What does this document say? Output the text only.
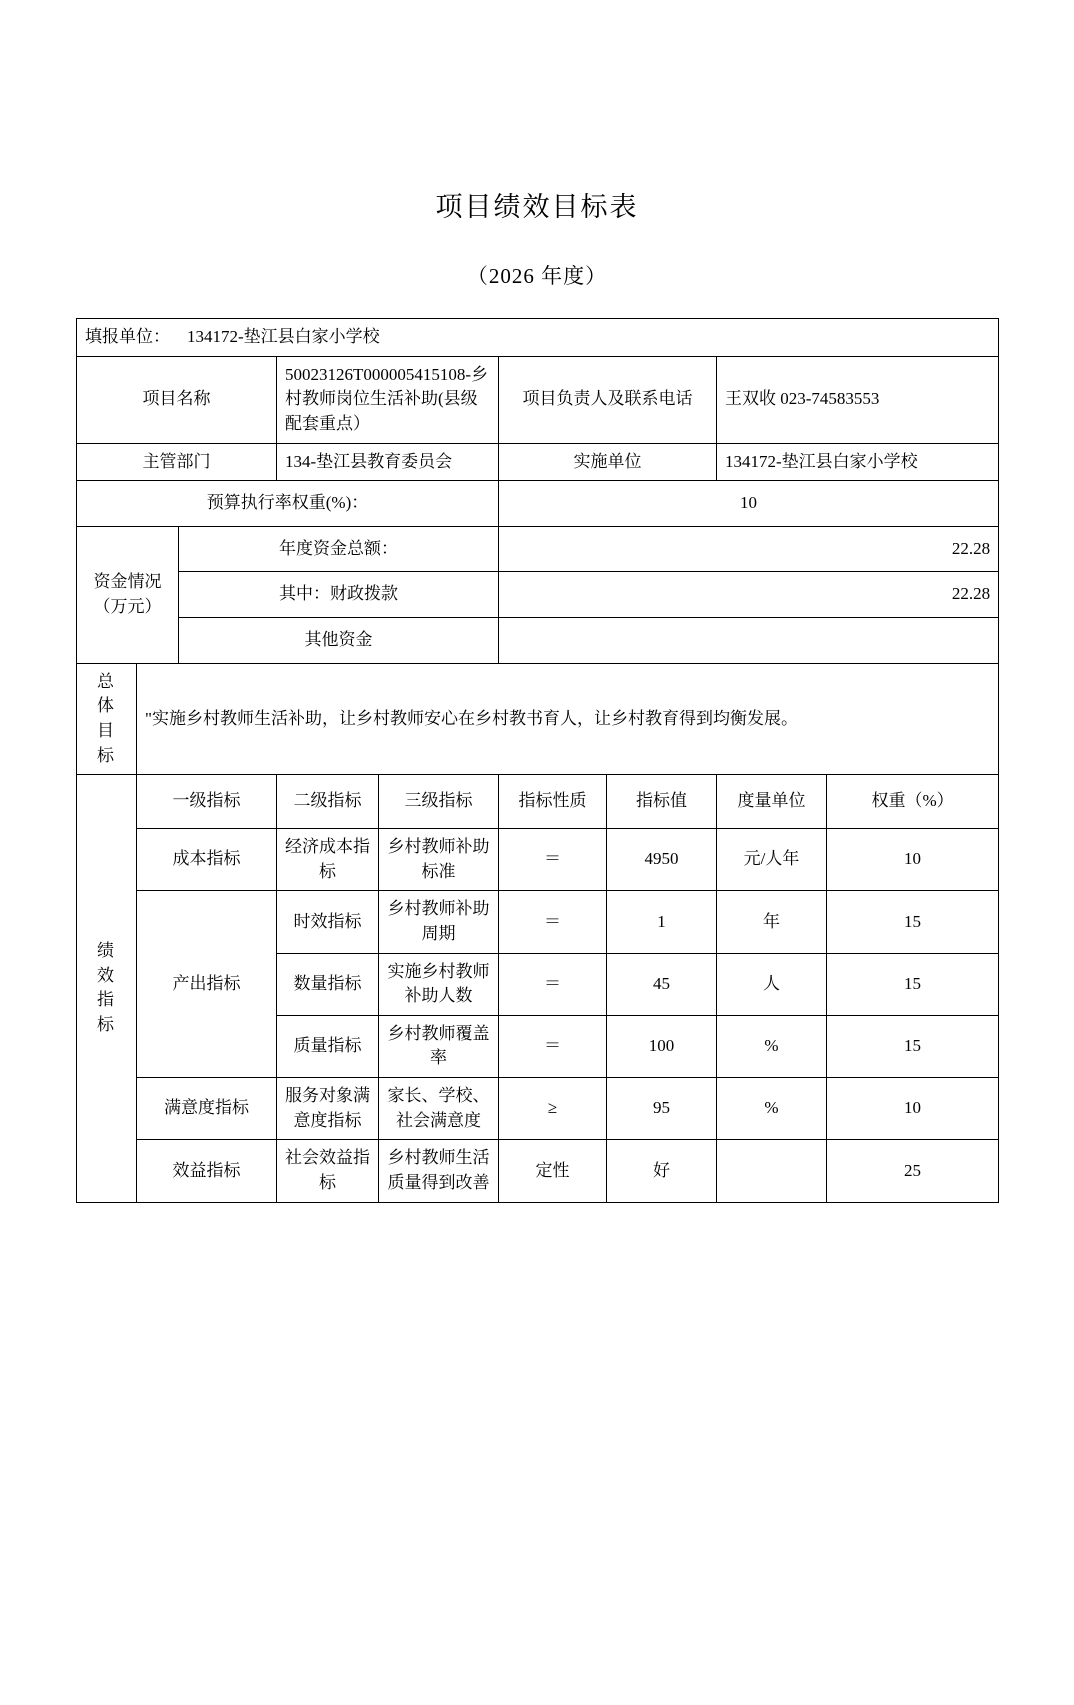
项目绩效目标表
（2026 年度）
填报单位： 134172-垫江县白家小学校								
项目名称			50023126T000005415108-乡村教师岗位生活补助(县级配套重点）		项目负责人及联系电话		王双收 023-74583553	
主管部门			134-垫江县教育委员会		实施单位		134172-垫江县白家小学校	
预算执行率权重(%)：					10			

资金情况
（万元）		年度资金总额：			22.28			
		其中：财政拨款			22.28			
		其他资金						

总
体
目
标	"实施乡村教师生活补助，让乡村教师安心在乡村教书育人，让乡村教育得到均衡发展。							

绩
效
指
标	一级指标		二级指标	三级指标	指标性质	指标值	度量单位	权重（%）
	成本指标		经济成本指标	乡村教师补助标准	＝	4950	元/人年	10
	产出指标		时效指标	乡村教师补助周期	＝	1	年	15
			数量指标	实施乡村教师补助人数	＝	45	人	15
			质量指标	乡村教师覆盖率	＝	100	%	15
	满意度指标		服务对象满意度指标	家长、学校、社会满意度	≥	95	%	10
	效益指标		社会效益指标	乡村教师生活质量得到改善	定性	好		25
